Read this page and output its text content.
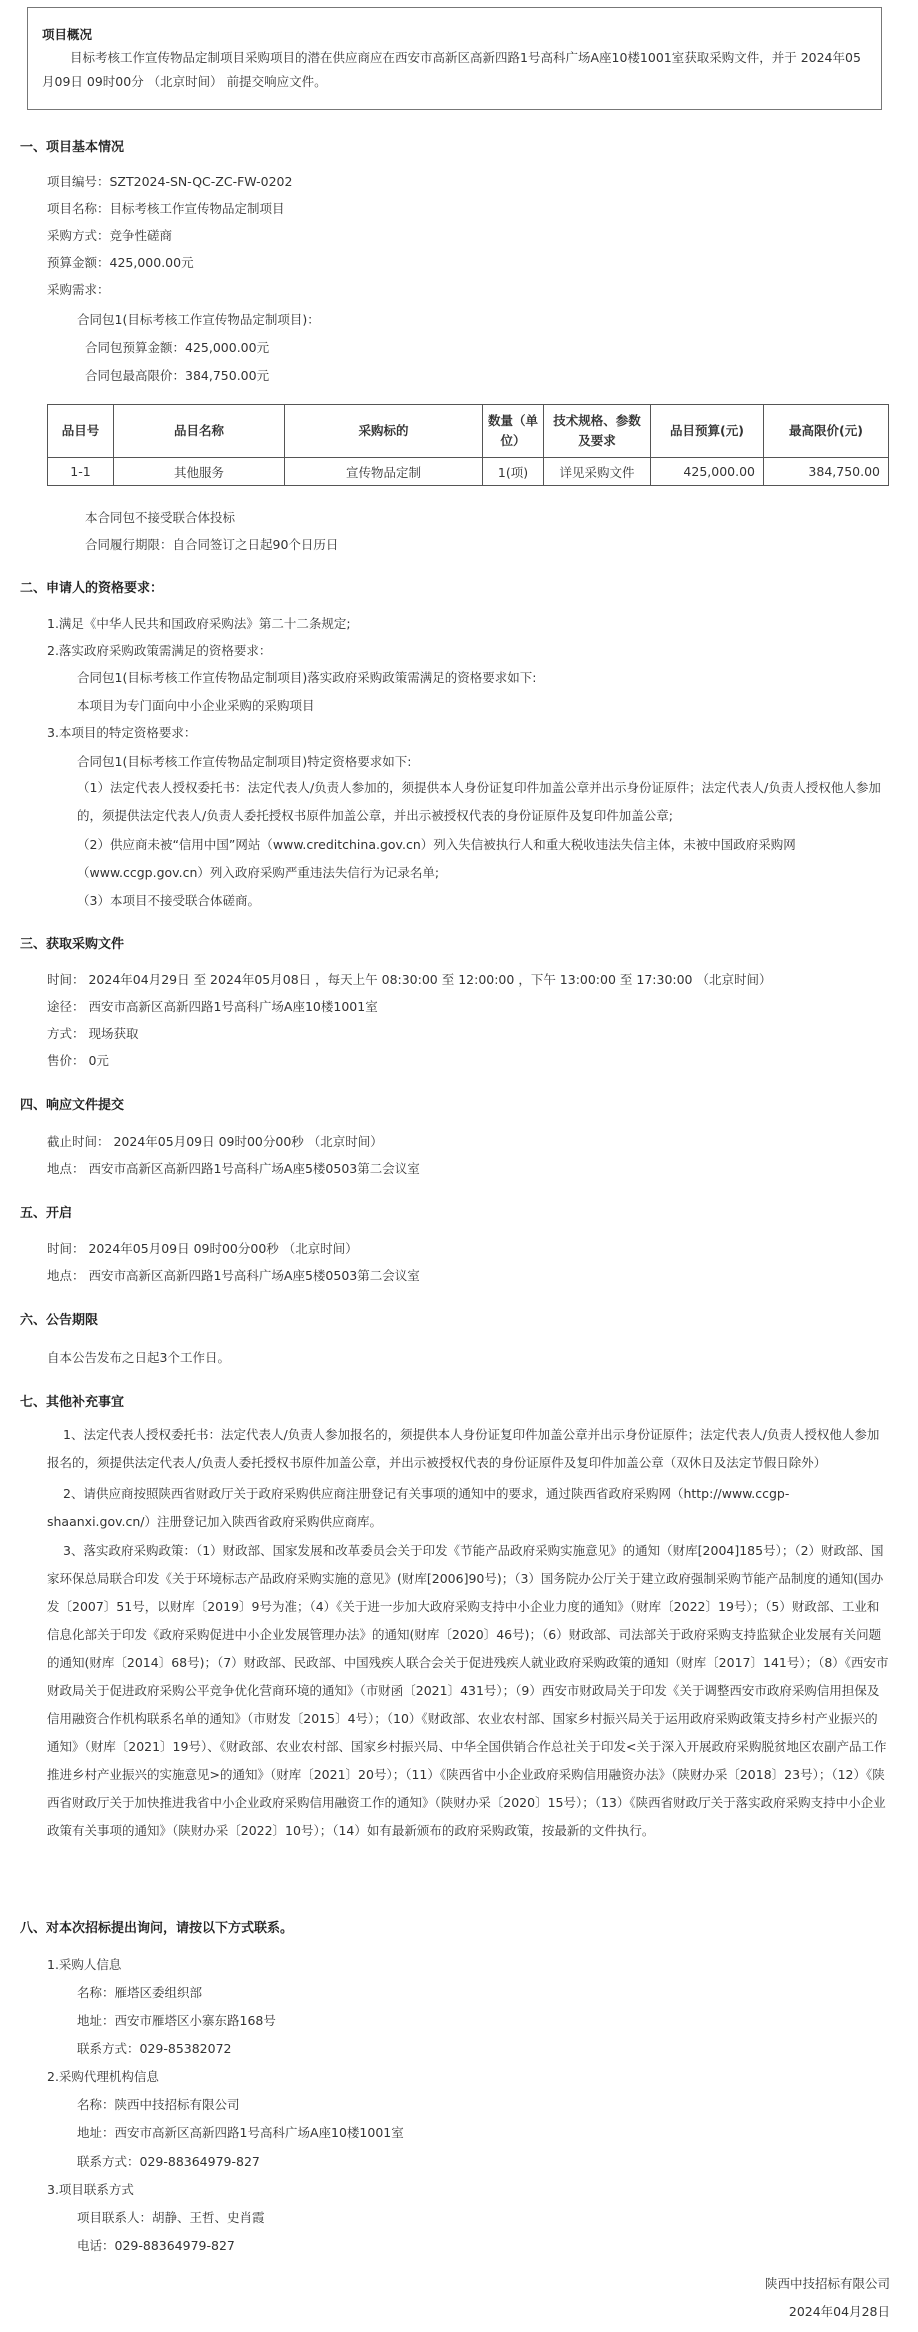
项目概况
目标考核工作宣传物品定制项目采购项目的潜在供应商应在西安市高新区高新四路1号高科广场A座10楼1001室获取采购文件，并于 2024年05月09日 09时00分 （北京时间） 前提交响应文件。
一、项目基本情况
项目编号：SZT2024-SN-QC-ZC-FW-0202
项目名称：目标考核工作宣传物品定制项目
采购方式：竞争性磋商
预算金额：425,000.00元
采购需求：
合同包1(目标考核工作宣传物品定制项目)：
合同包预算金额：425,000.00元
合同包最高限价：384,750.00元
品目号	品目名称	采购标的	数量（单位）	技术规格、参数及要求	品目预算(元)	最高限价(元)
1-1	其他服务	宣传物品定制	1(项)	详见采购文件	425,000.00	384,750.00
本合同包不接受联合体投标
合同履行期限：自合同签订之日起90个日历日
二、申请人的资格要求：
1.满足《中华人民共和国政府采购法》第二十二条规定;
2.落实政府采购政策需满足的资格要求：
合同包1(目标考核工作宣传物品定制项目)落实政府采购政策需满足的资格要求如下:
本项目为专门面向中小企业采购的采购项目
3.本项目的特定资格要求：
合同包1(目标考核工作宣传物品定制项目)特定资格要求如下:
（1）法定代表人授权委托书：法定代表人/负责人参加的，须提供本人身份证复印件加盖公章并出示身份证原件；法定代表人/负责人授权他人参加的，须提供法定代表人/负责人委托授权书原件加盖公章，并出示被授权代表的身份证原件及复印件加盖公章;
（2）供应商未被“信用中国”网站（www.creditchina.gov.cn）列入失信被执行人和重大税收违法失信主体，未被中国政府采购网（www.ccgp.gov.cn）列入政府采购严重违法失信行为记录名单;
（3）本项目不接受联合体磋商。
三、获取采购文件
时间： 2024年04月29日 至 2024年05月08日 ，每天上午 08:30:00 至 12:00:00 ，下午 13:00:00 至 17:30:00 （北京时间）
途径： 西安市高新区高新四路1号高科广场A座10楼1001室
方式： 现场获取
售价： 0元
四、响应文件提交
截止时间： 2024年05月09日 09时00分00秒 （北京时间）
地点： 西安市高新区高新四路1号高科广场A座5楼0503第二会议室
五、开启
时间： 2024年05月09日 09时00分00秒 （北京时间）
地点： 西安市高新区高新四路1号高科广场A座5楼0503第二会议室
六、公告期限
自本公告发布之日起3个工作日。
七、其他补充事宜
1、法定代表人授权委托书：法定代表人/负责人参加报名的，须提供本人身份证复印件加盖公章并出示身份证原件；法定代表人/负责人授权他人参加报名的，须提供法定代表人/负责人委托授权书原件加盖公章，并出示被授权代表的身份证原件及复印件加盖公章（双休日及法定节假日除外）
2、请供应商按照陕西省财政厅关于政府采购供应商注册登记有关事项的通知中的要求，通过陕西省政府采购网（http://www.ccgp-shaanxi.gov.cn/）注册登记加入陕西省政府采购供应商库。
3、落实政府采购政策：（1）财政部、国家发展和改革委员会关于印发《节能产品政府采购实施意见》的通知（财库[2004]185号）；（2）财政部、国家环保总局联合印发《关于环境标志产品政府采购实施的意见》(财库[2006]90号)；（3）国务院办公厅关于建立政府强制采购节能产品制度的通知(国办发〔2007〕51号，以财库〔2019〕9号为准；（4）《关于进一步加大政府采购支持中小企业力度的通知》（财库〔2022〕19号）；（5）财政部、工业和信息化部关于印发《政府采购促进中小企业发展管理办法》的通知(财库〔2020〕46号)；（6）财政部、司法部关于政府采购支持监狱企业发展有关问题的通知(财库〔2014〕68号)；（7）财政部、民政部、中国残疾人联合会关于促进残疾人就业政府采购政策的通知（财库〔2017〕141号）；（8）《西安市财政局关于促进政府采购公平竞争优化营商环境的通知》（市财函〔2021〕431号）；（9）西安市财政局关于印发《关于调整西安市政府采购信用担保及信用融资合作机构联系名单的通知》（市财发〔2015〕4号）；（10）《财政部、农业农村部、国家乡村振兴局关于运用政府采购政策支持乡村产业振兴的通知》（财库〔2021〕19号）、《财政部、农业农村部、国家乡村振兴局、中华全国供销合作总社关于印发<关于深入开展政府采购脱贫地区农副产品工作推进乡村产业振兴的实施意见>的通知》（财库〔2021〕20号）；（11）《陕西省中小企业政府采购信用融资办法》（陕财办采〔2018〕23号）；（12）《陕西省财政厅关于加快推进我省中小企业政府采购信用融资工作的通知》（陕财办采〔2020〕15号）；（13）《陕西省财政厅关于落实政府采购支持中小企业政策有关事项的通知》（陕财办采〔2022〕10号）；（14）如有最新颁布的政府采购政策，按最新的文件执行。
八、对本次招标提出询问，请按以下方式联系。
1.采购人信息
名称：雁塔区委组织部
地址：西安市雁塔区小寨东路168号
联系方式：029-85382072
2.采购代理机构信息
名称：陕西中技招标有限公司
地址：西安市高新区高新四路1号高科广场A座10楼1001室
联系方式：029-88364979-827
3.项目联系方式
项目联系人：胡静、王哲、史肖霞
电话：029-88364979-827
陕西中技招标有限公司
2024年04月28日
